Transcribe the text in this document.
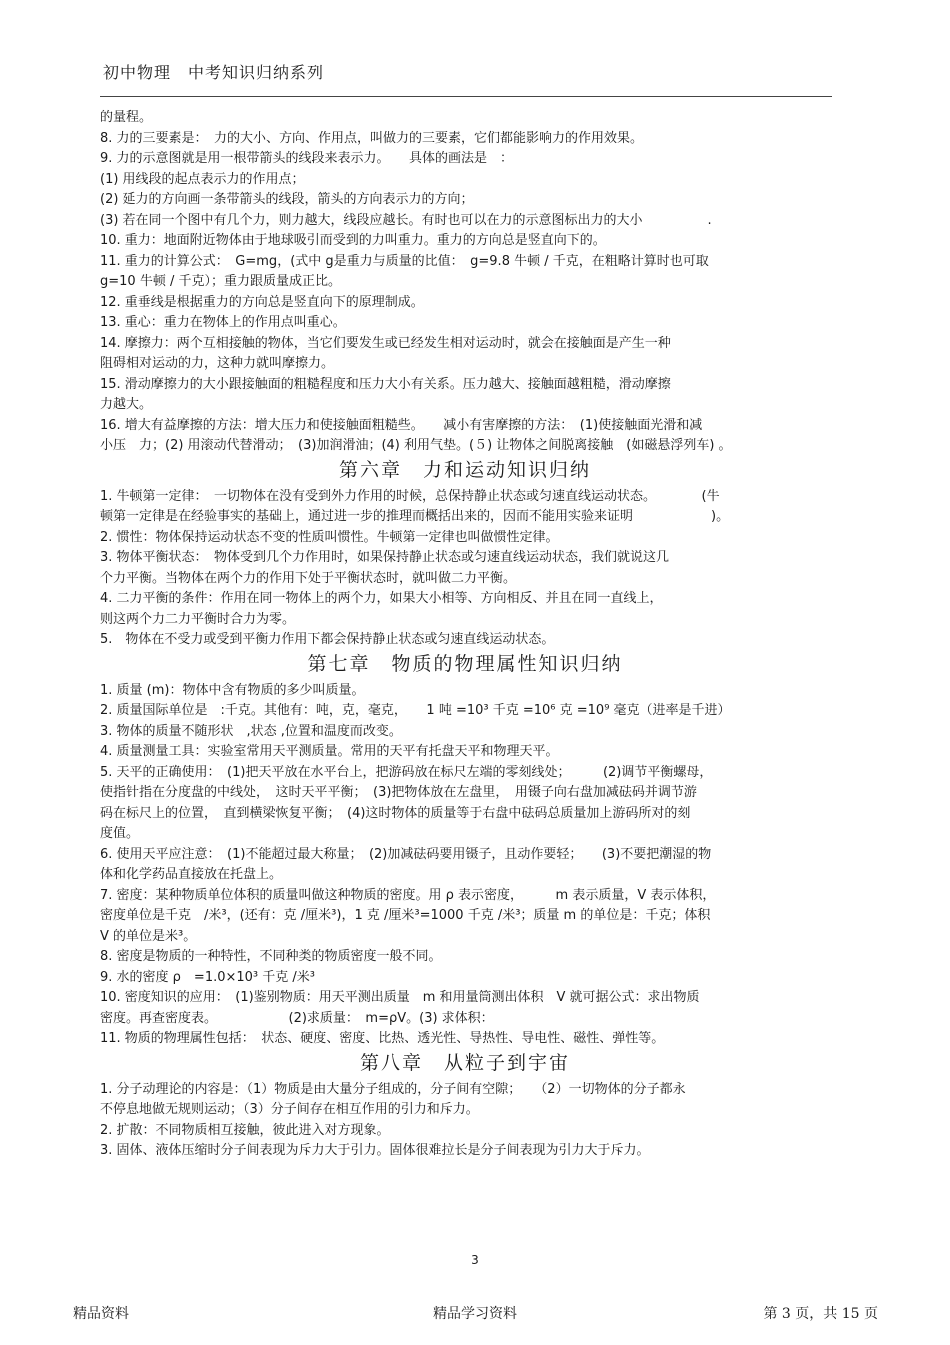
初中物理　中考知识归纳系列

的量程。

8. 力的三要素是：　力的大小、方向、作用点，叫做力的三要素，它们都能影响力的作用效果。

9. 力的示意图就是用一根带箭头的线段来表示力。　　具体的画法是　：

(1) 用线段的起点表示力的作用点；

(2) 延力的方向画一条带箭头的线段，箭头的方向表示力的方向；

(3) 若在同一个图中有几个力，则力越大，线段应越长。有时也可以在力的示意图标出力的大小　　　　　.

10. 重力：地面附近物体由于地球吸引而受到的力叫重力。重力的方向总是竖直向下的。

11. 重力的计算公式：　G=mg，(式中 g是重力与质量的比值：　g=9.8 牛顿 / 千克，在粗略计算时也可取

g=10 牛顿 / 千克）；重力跟质量成正比。

12. 重垂线是根据重力的方向总是竖直向下的原理制成。

13. 重心：重力在物体上的作用点叫重心。

14. 摩擦力：两个互相接触的物体，当它们要发生或已经发生相对运动时，就会在接触面是产生一种

阻碍相对运动的力，这种力就叫摩擦力。

15. 滑动摩擦力的大小跟接触面的粗糙程度和压力大小有关系。压力越大、接触面越粗糙，滑动摩擦

力越大。

16. 增大有益摩擦的方法：增大压力和使接触面粗糙些。　　减小有害摩擦的方法：　(1)使接触面光滑和减

小压　力；(2) 用滚动代替滑动；　(3)加润滑油；(4) 利用气垫。(５) 让物体之间脱离接触　(如磁悬浮列车) 。

第六章　力和运动知识归纳

1. 牛顿第一定律：　一切物体在没有受到外力作用的时候，总保持静止状态或匀速直线运动状态。　　　　(牛

顿第一定律是在经验事实的基础上，通过进一步的推理而概括出来的，因而不能用实验来证明　　　　　　)。

2. 惯性：物体保持运动状态不变的性质叫惯性。牛顿第一定律也叫做惯性定律。

3. 物体平衡状态：　物体受到几个力作用时，如果保持静止状态或匀速直线运动状态，我们就说这几

个力平衡。当物体在两个力的作用下处于平衡状态时，就叫做二力平衡。

4. 二力平衡的条件：作用在同一物体上的两个力，如果大小相等、方向相反、并且在同一直线上，

则这两个力二力平衡时合力为零。

5.　物体在不受力或受到平衡力作用下都会保持静止状态或匀速直线运动状态。

第七章　物质的物理属性知识归纳

1. 质量 (m)：物体中含有物质的多少叫质量。

2. 质量国际单位是　:千克。其他有：吨，克，毫克，　　1 吨 =10³ 千克 =10⁶ 克 =10⁹ 毫克（进率是千进）

3. 物体的质量不随形状　,状态 ,位置和温度而改变。

4. 质量测量工具：实验室常用天平测质量。常用的天平有托盘天平和物理天平。

5. 天平的正确使用：　(1)把天平放在水平台上，把游码放在标尺左端的零刻线处；　　　(2)调节平衡螺母，

使指针指在分度盘的中线处，　这时天平平衡；　(3)把物体放在左盘里，　用镊子向右盘加减砝码并调节游

码在标尺上的位置，　直到横梁恢复平衡；　(4)这时物体的质量等于右盘中砝码总质量加上游码所对的刻

度值。

6. 使用天平应注意：　(1)不能超过最大称量；　(2)加减砝码要用镊子，且动作要轻；　　(3)不要把潮湿的物

体和化学药品直接放在托盘上。

7. 密度：某种物质单位体积的质量叫做这种物质的密度。用 ρ 表示密度，　　　m 表示质量，V 表示体积，

密度单位是千克　/米³，(还有：克 /厘米³)，1 克 /厘米³=1000 千克 /米³；质量 m 的单位是：千克；体积

V 的单位是米³。

8. 密度是物质的一种特性，不同种类的物质密度一般不同。

9. 水的密度 ρ　=1.0×10³ 千克 /米³

10. 密度知识的应用：　(1)鉴别物质：用天平测出质量　m 和用量筒测出体积　V 就可据公式：求出物质

密度。再查密度表。　　　　　　(2)求质量：　m=ρV。(3) 求体积：

11. 物质的物理属性包括：　状态、硬度、密度、比热、透光性、导热性、导电性、磁性、弹性等。

第八章　从粒子到宇宙

1. 分子动理论的内容是：（1）物质是由大量分子组成的，分子间有空隙；　　（2）一切物体的分子都永

不停息地做无规则运动；（3）分子间存在相互作用的引力和斥力。

2. 扩散：不同物质相互接触，彼此进入对方现象。

3. 固体、液体压缩时分子间表现为斥力大于引力。固体很难拉长是分子间表现为引力大于斥力。

3
精品资料	精品学习资料	第 3 页，共 15 页
